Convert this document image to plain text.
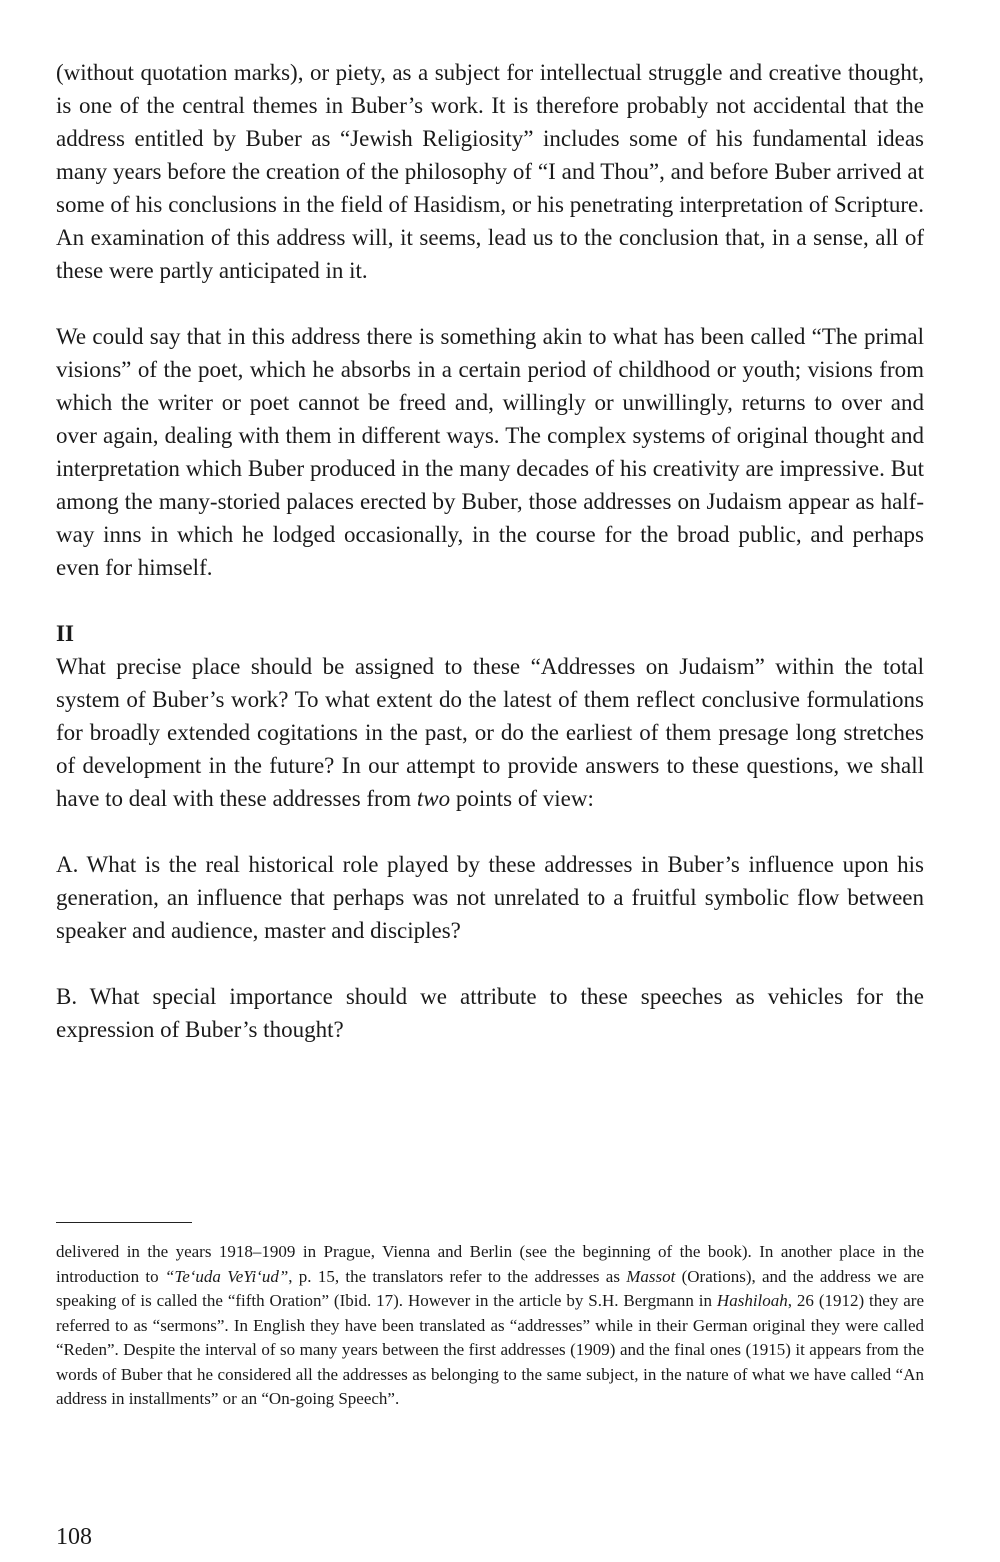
(without quotation marks), or piety, as a subject for intellectual struggle and creative thought, is one of the central themes in Buber’s work. It is therefore probably not accidental that the address entitled by Buber as “Jewish Religiosity” includes some of his fundamental ideas many years before the creation of the philosophy of “I and Thou”, and before Buber arrived at some of his conclusions in the field of Hasidism, or his penetrating interpretation of Scripture. An examination of this address will, it seems, lead us to the conclusion that, in a sense, all of these were partly anticipated in it.

We could say that in this address there is something akin to what has been called “The primal visions” of the poet, which he absorbs in a certain period of childhood or youth; visions from which the writer or poet cannot be freed and, willingly or unwillingly, returns to over and over again, dealing with them in different ways. The complex systems of original thought and interpretation which Buber produced in the many decades of his creativity are impressive. But among the many-storied palaces erected by Buber, those addresses on Judaism appear as half-way inns in which he lodged occasionally, in the course for the broad public, and perhaps even for himself.

II

What precise place should be assigned to these “Addresses on Judaism” within the total system of Buber’s work? To what extent do the latest of them reflect conclusive formulations for broadly extended cogitations in the past, or do the earliest of them presage long stretches of development in the future? In our attempt to provide answers to these questions, we shall have to deal with these addresses from two points of view:

A. What is the real historical role played by these addresses in Buber’s influence upon his generation, an influence that perhaps was not unrelated to a fruitful symbolic flow between speaker and audience, master and disciples?

B. What special importance should we attribute to these speeches as vehicles for the expression of Buber’s thought?

delivered in the years 1918–1909 in Prague, Vienna and Berlin (see the beginning of the book). In another place in the introduction to “Te‘uda VeYi‘ud”, p. 15, the translators refer to the addresses as Massot (Orations), and the address we are speaking of is called the “fifth Oration” (Ibid. 17). However in the article by S.H. Bergmann in Hashiloah, 26 (1912) they are referred to as “sermons”. In English they have been translated as “addresses” while in their German original they were called “Reden”. Despite the interval of so many years between the first addresses (1909) and the final ones (1915) it appears from the words of Buber that he considered all the addresses as belonging to the same subject, in the nature of what we have called “An address in installments” or an “On-going Speech”.

108
